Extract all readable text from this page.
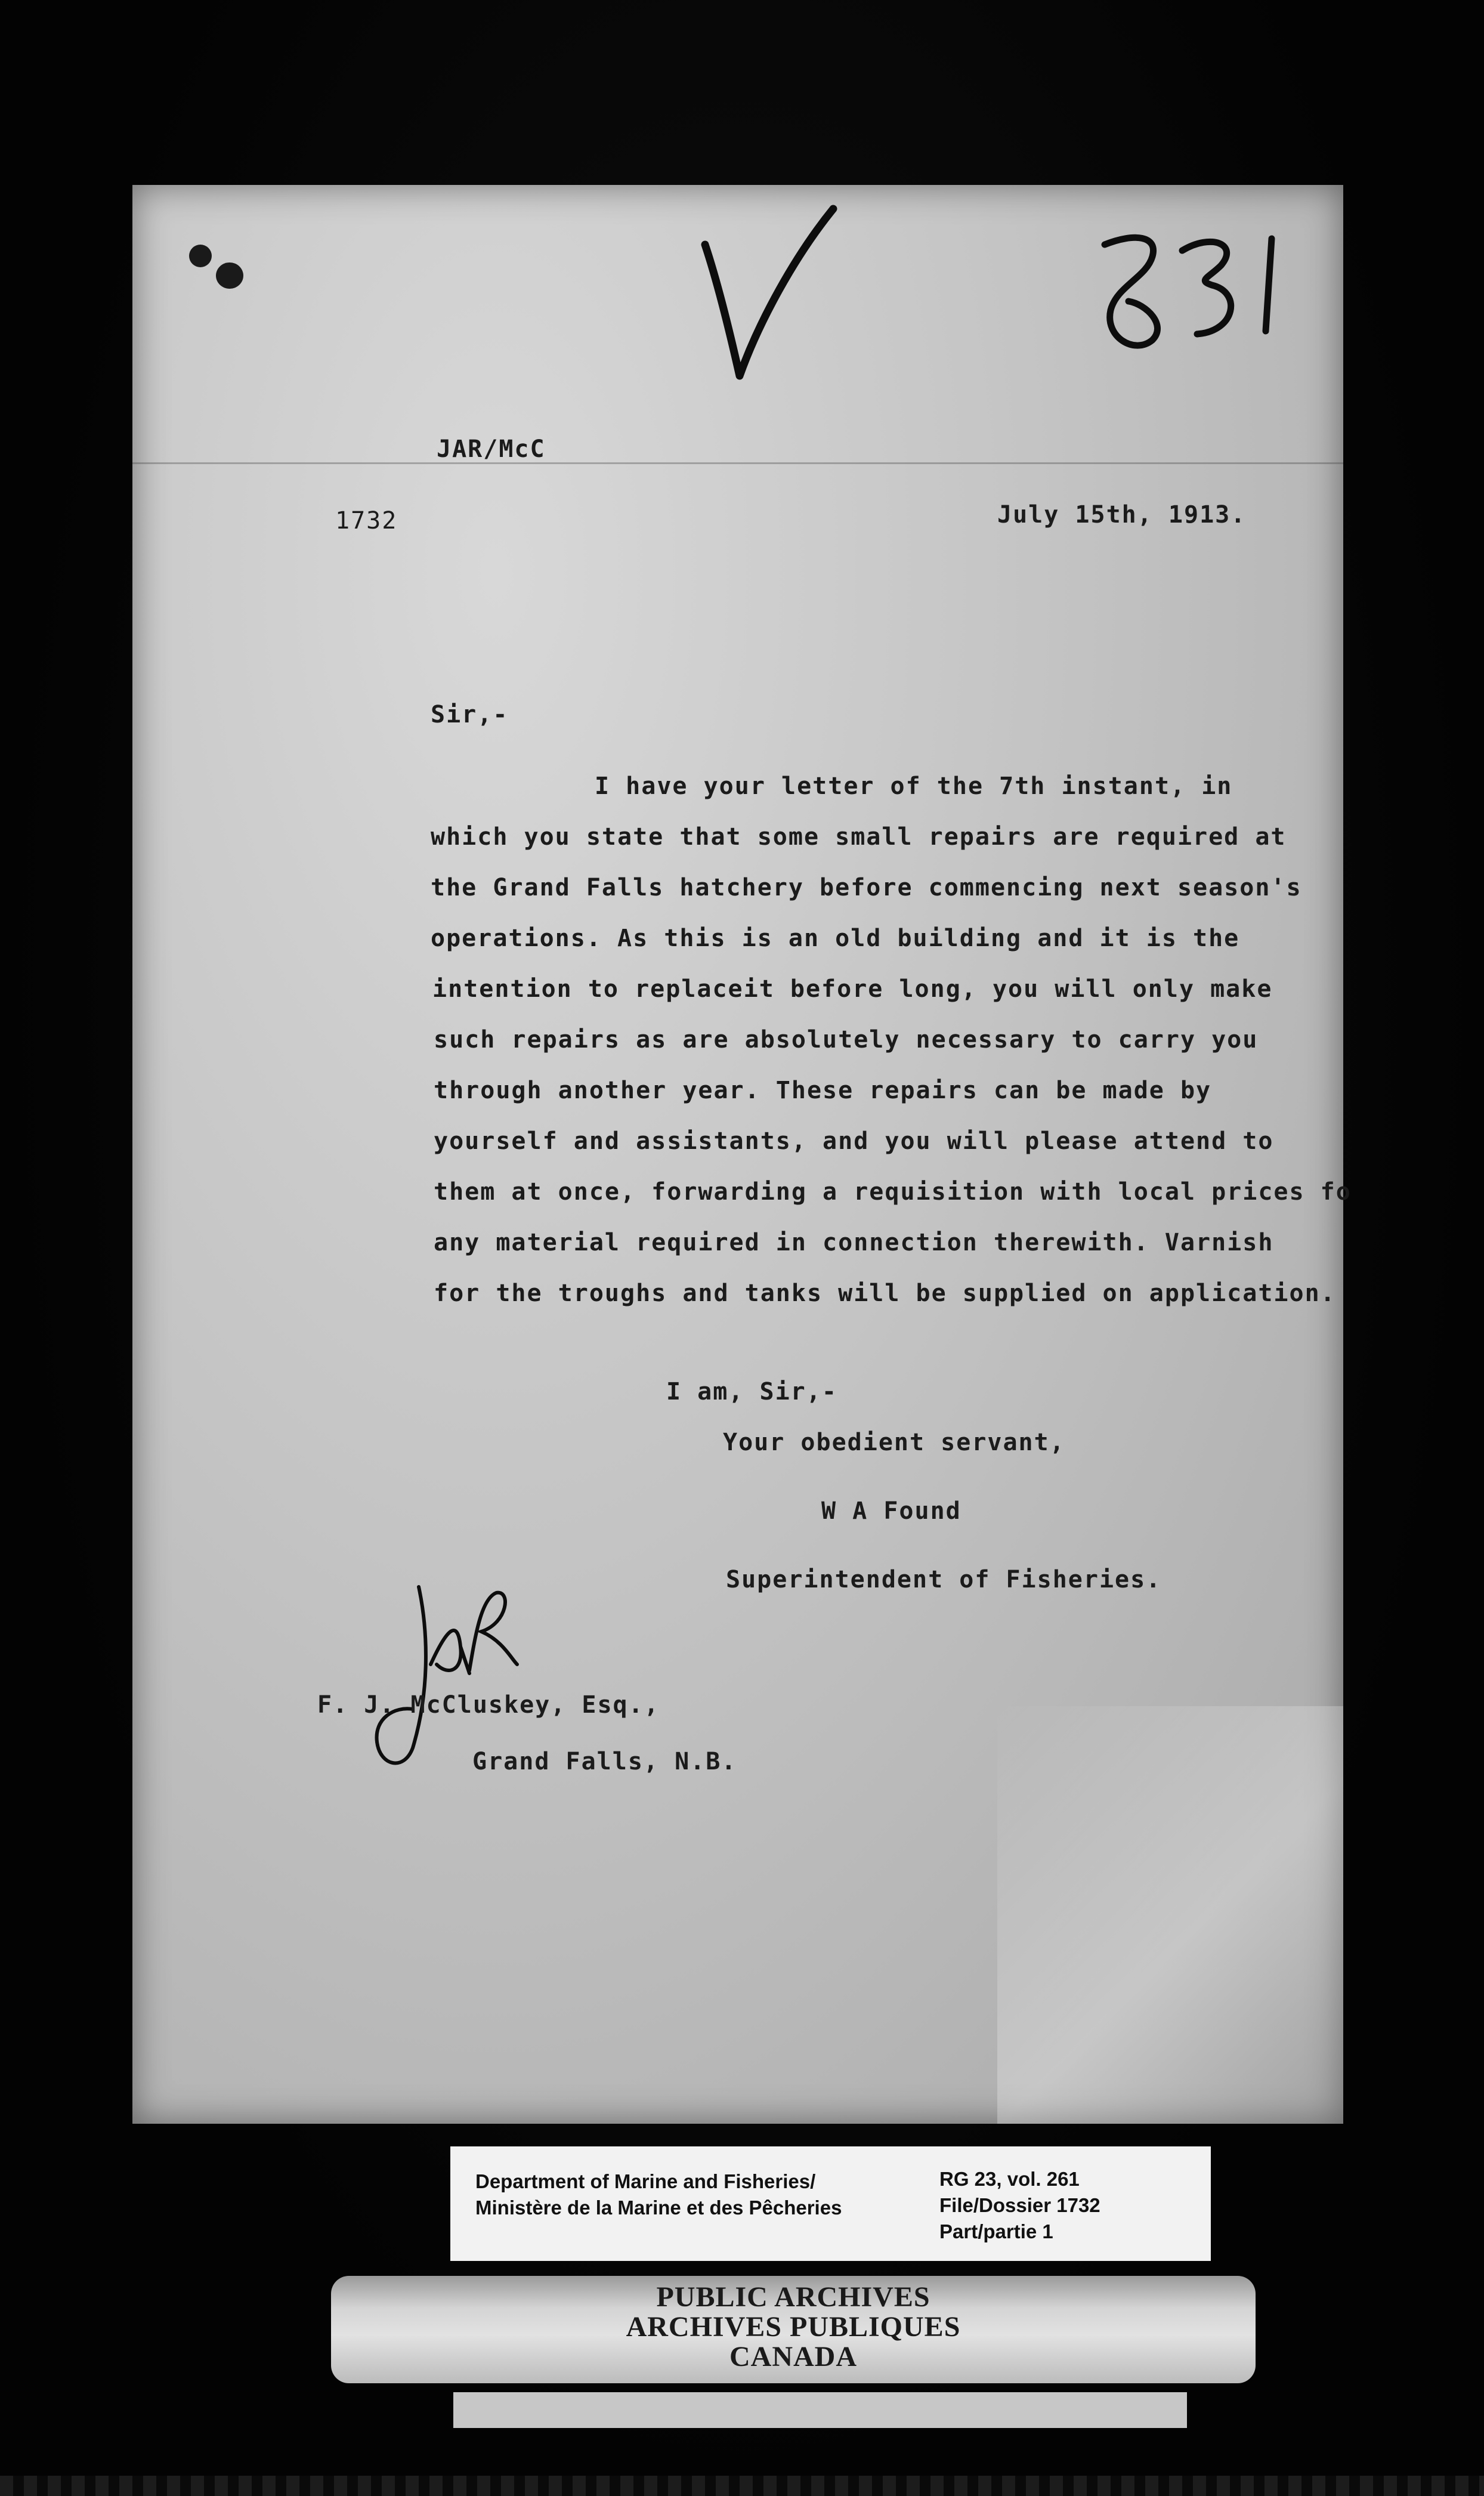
JAR/McC
1732	July 15th, 1913.
Sir,-
I have your letter of the 7th instant, in
which you state that some small repairs are required at
the Grand Falls hatchery before commencing next season's
operations. As this is an old building and it is the
intention to replaceit before long, you will only make
such repairs as are absolutely necessary to carry you
through another year. These repairs can be made by
yourself and assistants, and you will please attend to
them at once, forwarding a requisition with local prices fo
any material required in connection therewith. Varnish
for the troughs and tanks will be supplied on application.
I am, Sir,-
Your obedient servant,
W A Found
Superintendent of Fisheries.
F. J. McCluskey, Esq.,
Grand Falls, N.B.
Department of Marine and Fisheries/
Ministère de la Marine et des Pêcheries
RG 23, vol. 261
File/Dossier 1732
Part/partie 1
PUBLIC ARCHIVES
ARCHIVES PUBLIQUES
CANADA
